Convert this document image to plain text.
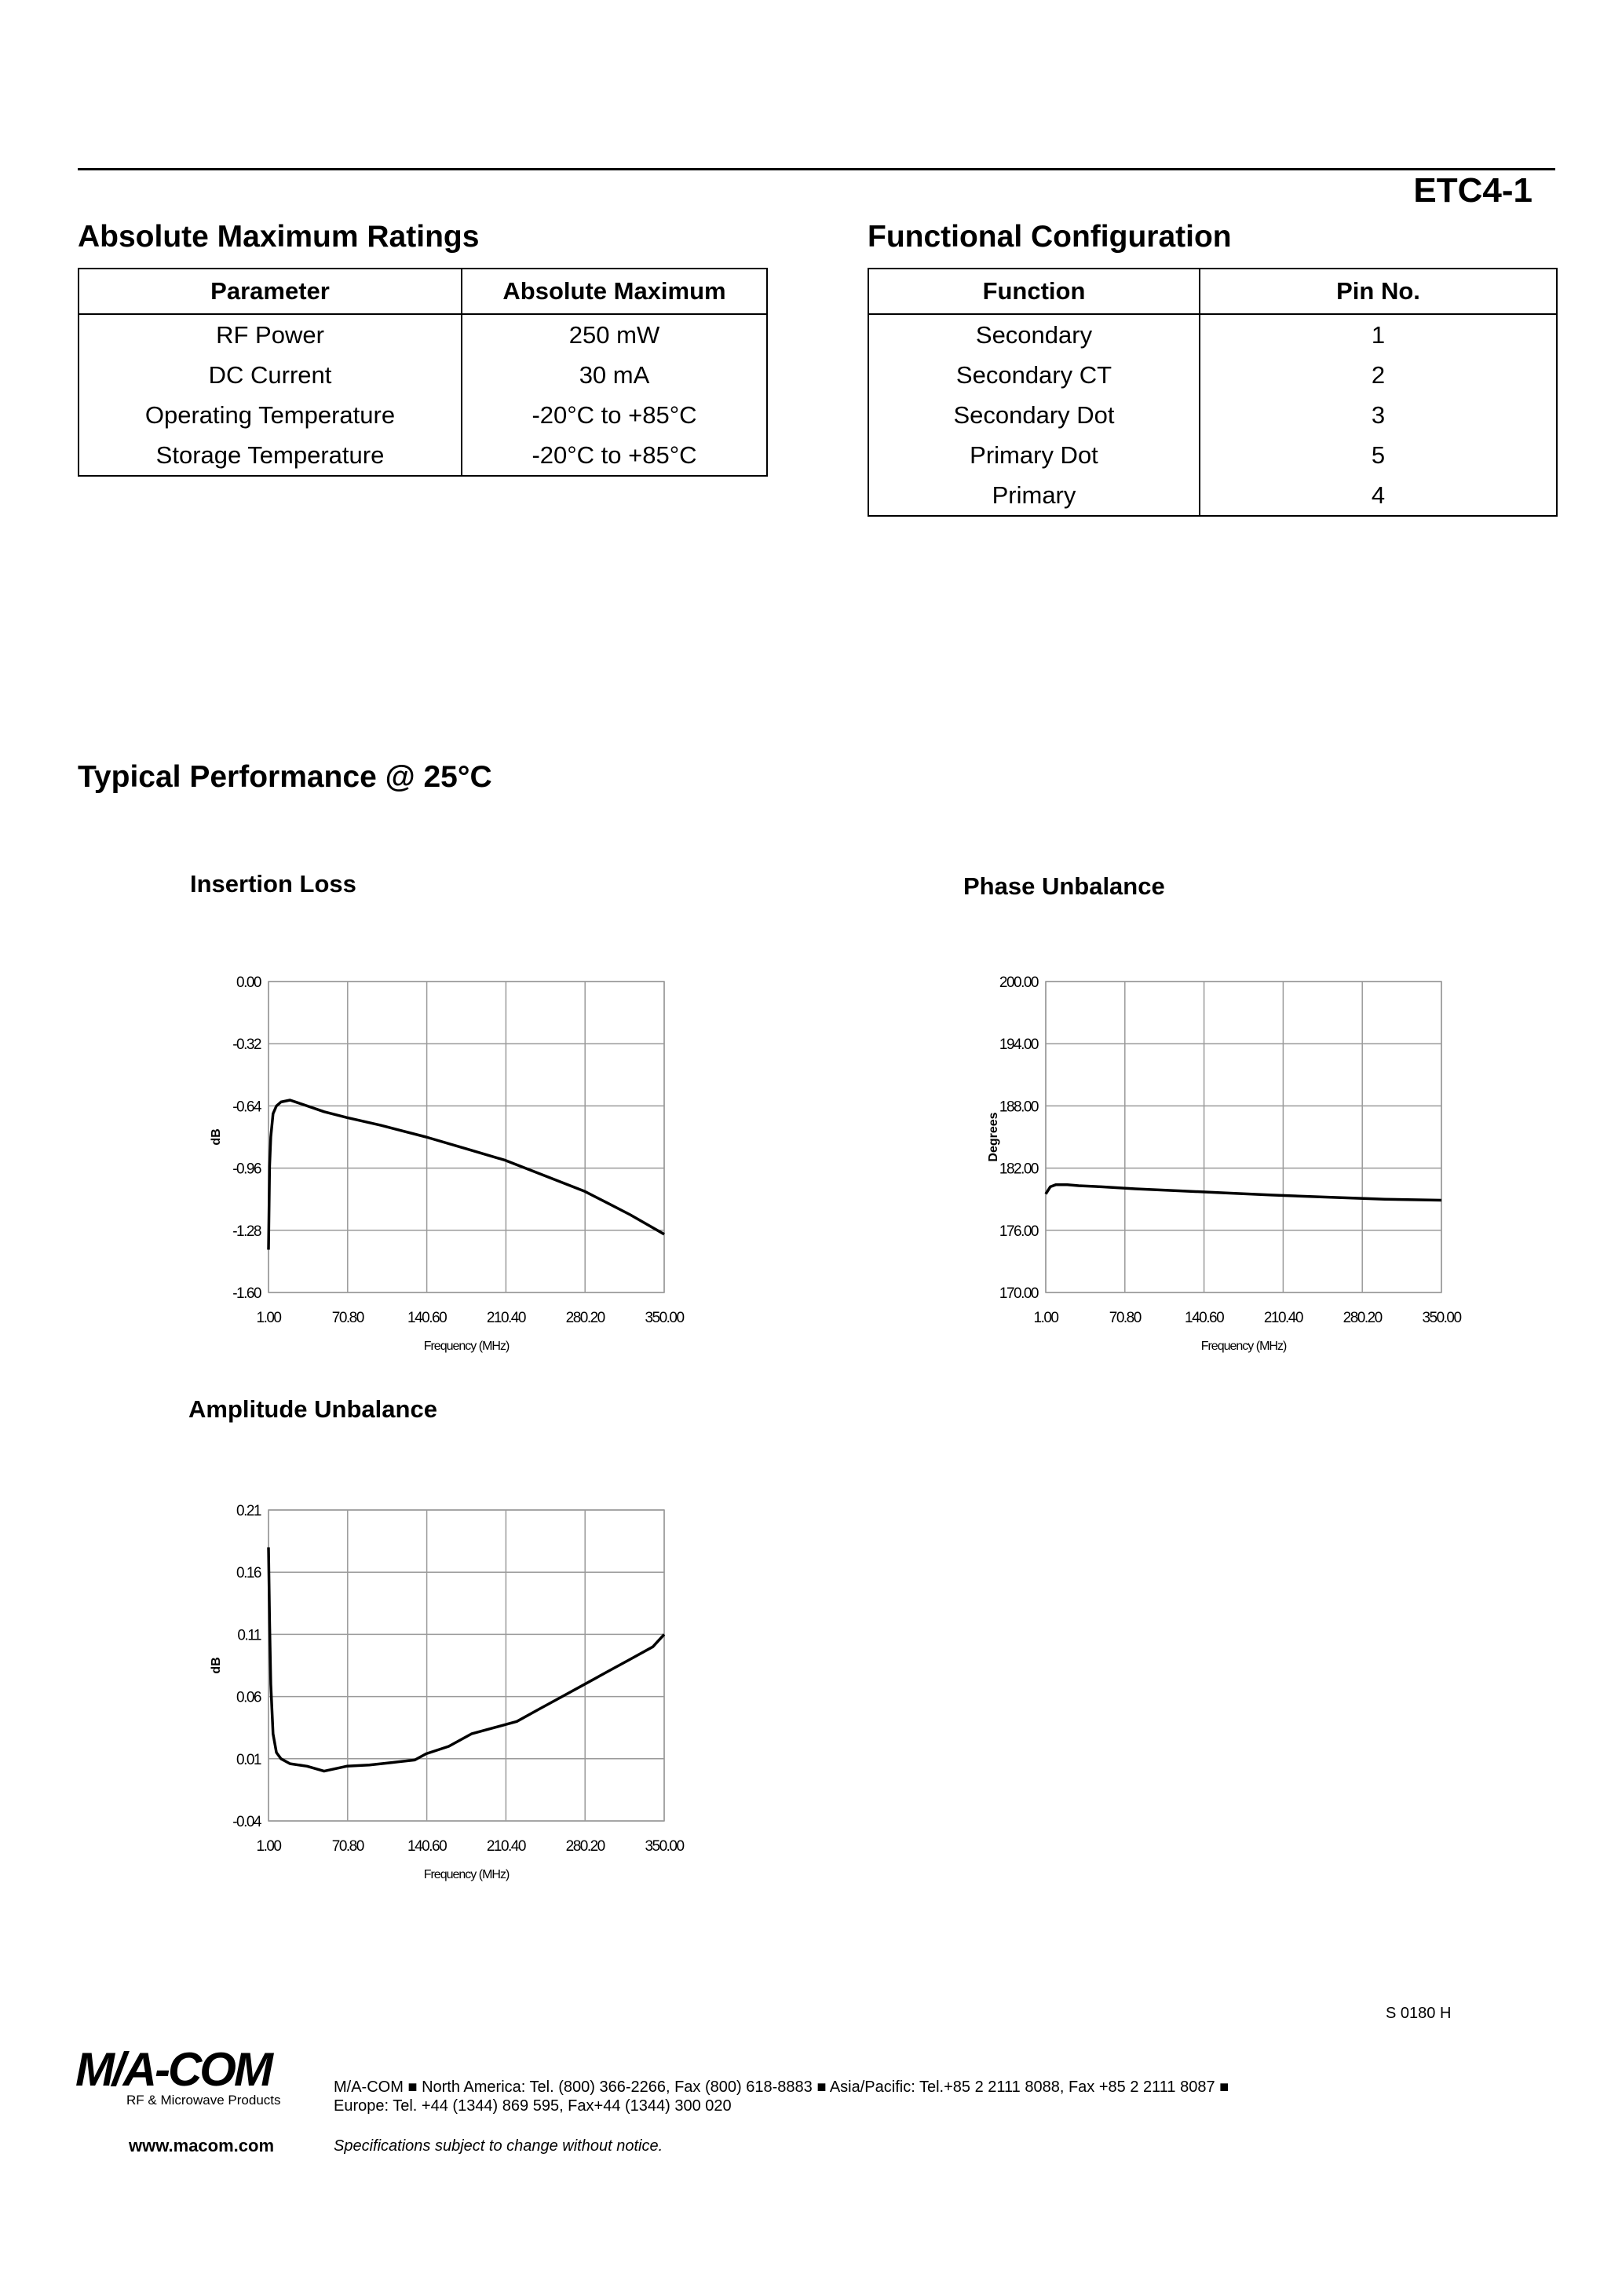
ETC4-1
Absolute Maximum Ratings
Parameter	Absolute Maximum
RF Power	250 mW
DC Current	30 mA
Operating Temperature	-20°C to +85°C
Storage Temperature	-20°C to +85°C
Functional Configuration
Function	Pin No.
Secondary	1
Secondary CT	2
Secondary Dot	3
Primary Dot	5
Primary	4
Typical Performance @ 25°C
Insertion Loss	Phase Unbalance
Amplitude Unbalance
1.00	70.80	140.60	210.40	280.20	350.00
0.00
-0.32
-0.64
-0.96
-1.28
-1.60
Frequency (MHz)
dB
1.00	70.80	140.60	210.40	280.20	350.00
200.00
194.00
188.00
182.00
176.00
170.00
Frequency (MHz)
Degrees
1.00	70.80	140.60	210.40	280.20	350.00
0.21
0.16
0.11
0.06
0.01
-0.04
Frequency (MHz)
dB
S 0180 H
M/A-COM
RF & Microwave Products
M/A-COM ■ North America: Tel. (800) 366-2266, Fax (800) 618-8883 ■ Asia/Pacific: Tel.+85 2 2111 8088, Fax +85 2 2111 8087 ■
Europe: Tel. +44 (1344) 869 595, Fax+44 (1344) 300 020
www.macom.com	Specifications subject to change without notice.
